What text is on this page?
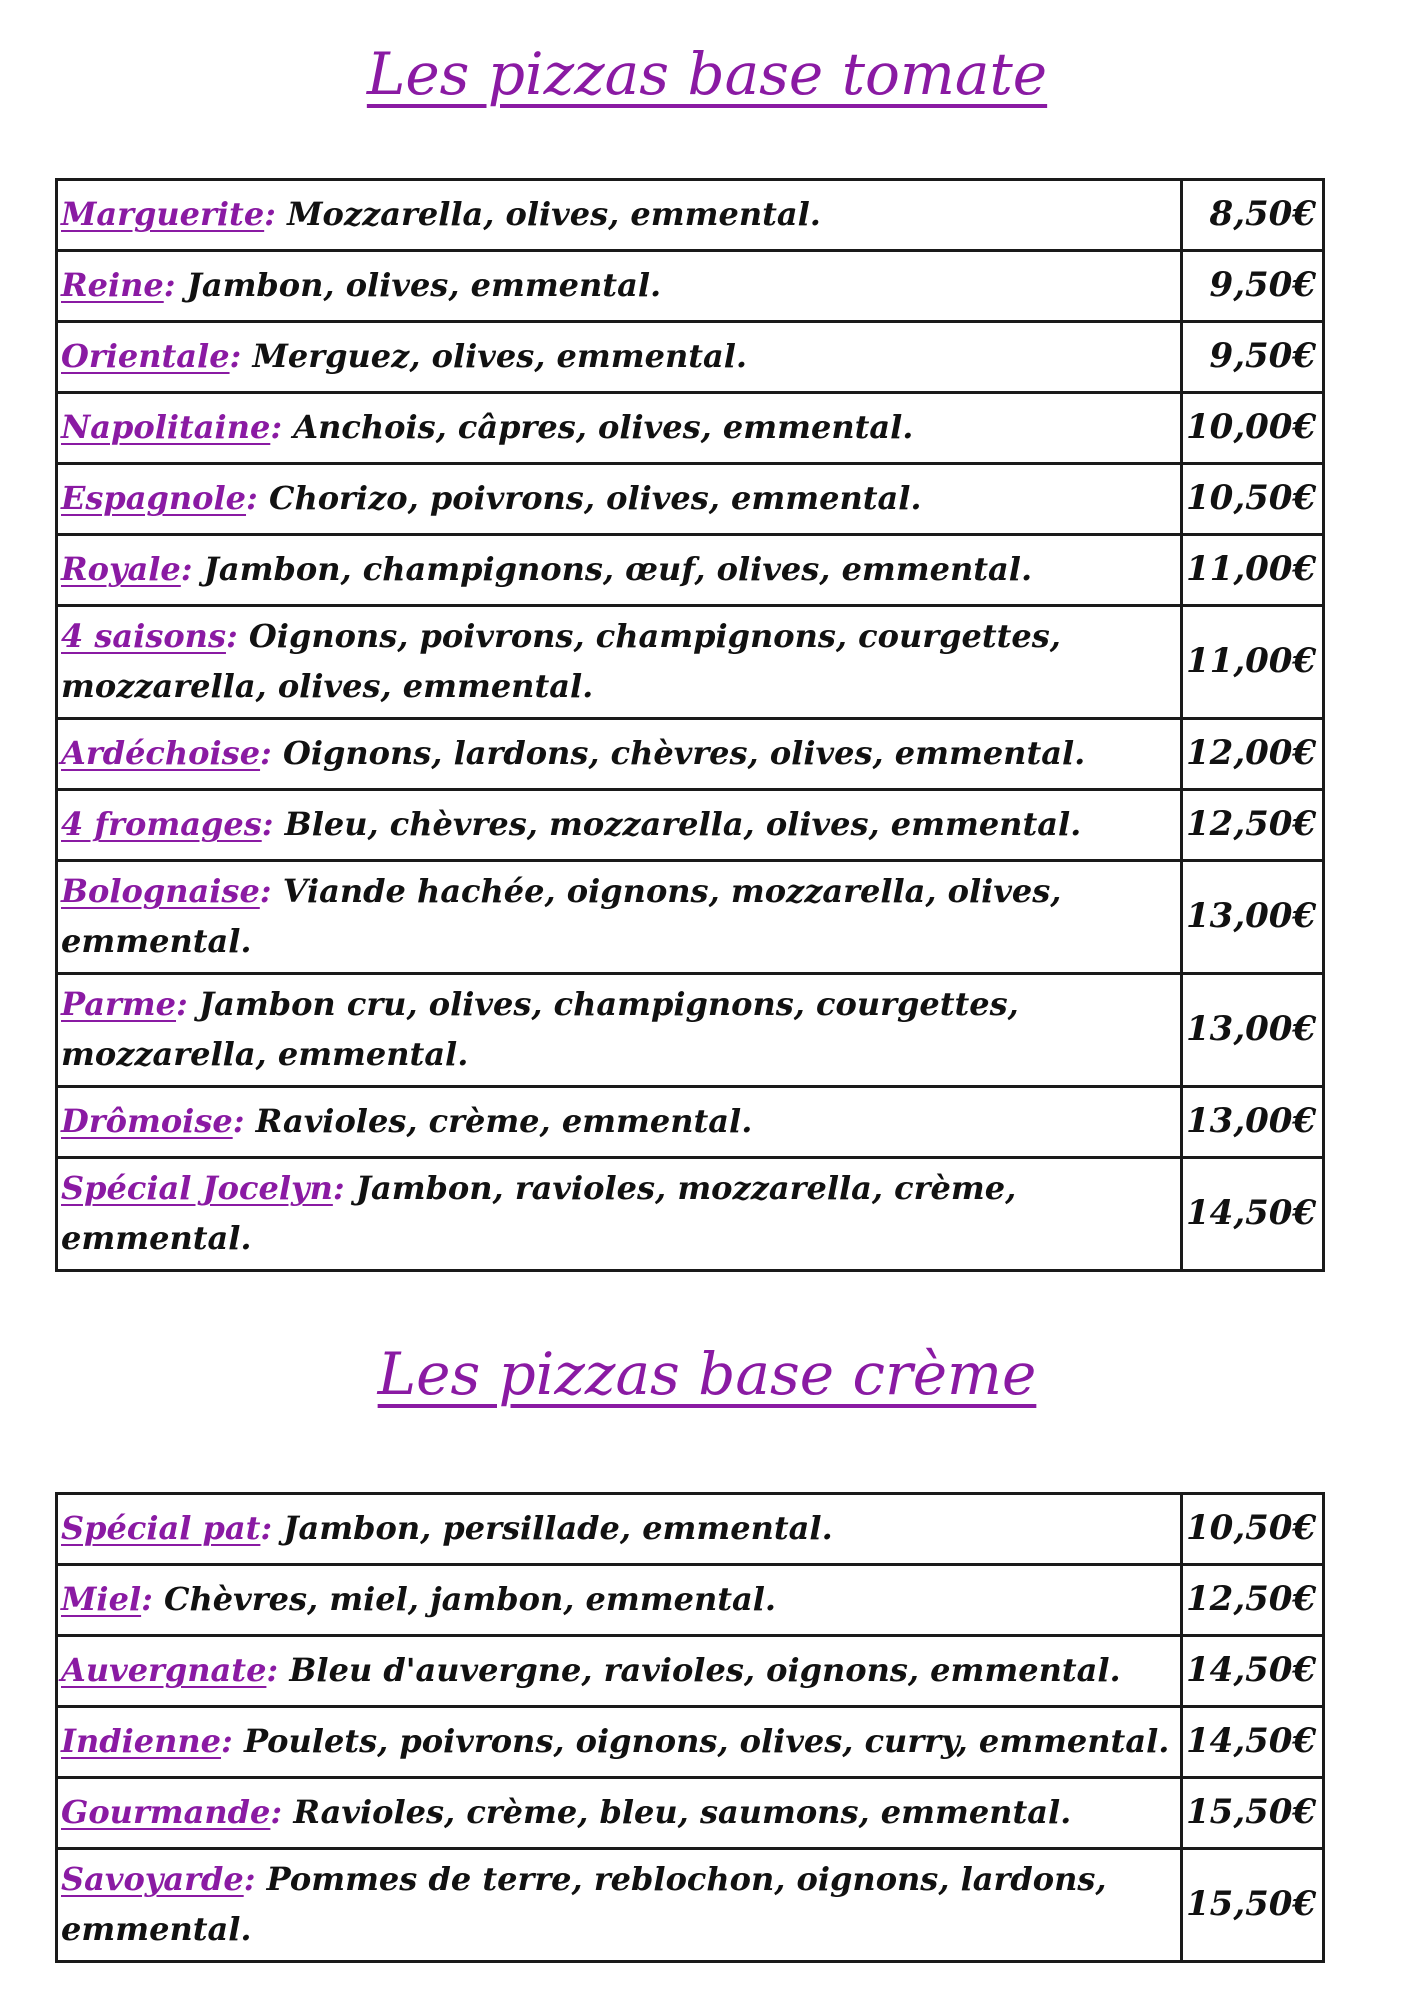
Les pizzas base tomate
Marguerite: Mozzarella, olives, emmental.	8,50€
Reine: Jambon, olives, emmental.	9,50€
Orientale: Merguez, olives, emmental.	9,50€
Napolitaine: Anchois, câpres, olives, emmental.	10,00€
Espagnole: Chorizo, poivrons, olives, emmental.	10,50€
Royale: Jambon, champignons, œuf, olives, emmental.	11,00€
4 saisons: Oignons, poivrons, champignons, courgettes, mozzarella, olives, emmental.	11,00€
Ardéchoise: Oignons, lardons, chèvres, olives, emmental.	12,00€
4 fromages: Bleu, chèvres, mozzarella, olives, emmental.	12,50€
Bolognaise: Viande hachée, oignons, mozzarella, olives, emmental.	13,00€
Parme: Jambon cru, olives, champignons, courgettes, mozzarella, emmental.	13,00€
Drômoise: Ravioles, crème, emmental.	13,00€
Spécial Jocelyn: Jambon, ravioles, mozzarella, crème, emmental.	14,50€
Les pizzas base crème
Spécial pat: Jambon, persillade, emmental.	10,50€
Miel: Chèvres, miel, jambon, emmental.	12,50€
Auvergnate: Bleu d'auvergne, ravioles, oignons, emmental.	14,50€
Indienne: Poulets, poivrons, oignons, olives, curry, emmental.	14,50€
Gourmande: Ravioles, crème, bleu, saumons, emmental.	15,50€
Savoyarde: Pommes de terre, reblochon, oignons, lardons, emmental.	15,50€
